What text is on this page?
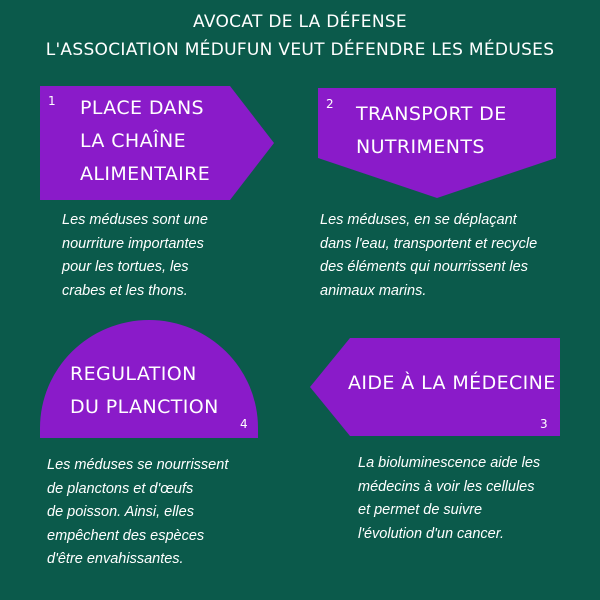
AVOCAT DE LA DÉFENSE
L'ASSOCIATION MÉDUFUN VEUT DÉFENDRE LES MÉDUSES
1 PLACE DANS
LA CHAÎNE
ALIMENTAIRE
Les méduses sont une
nourriture importantes
pour les tortues, les
crabes et les thons.
2 TRANSPORT DE
NUTRIMENTS
Les méduses, en se déplaçant
dans l'eau, transportent et recycle
des éléments qui nourrissent les
animaux marins.
REGULATION
DU PLANCTION
4
Les méduses se nourrissent
de planctons et d'œufs
de poisson. Ainsi, elles
empêchent des espèces
d'être envahissantes.
AIDE À LA MÉDECINE
3
La bioluminescence aide les
médecins à voir les cellules
et permet de suivre
l'évolution d'un cancer.
